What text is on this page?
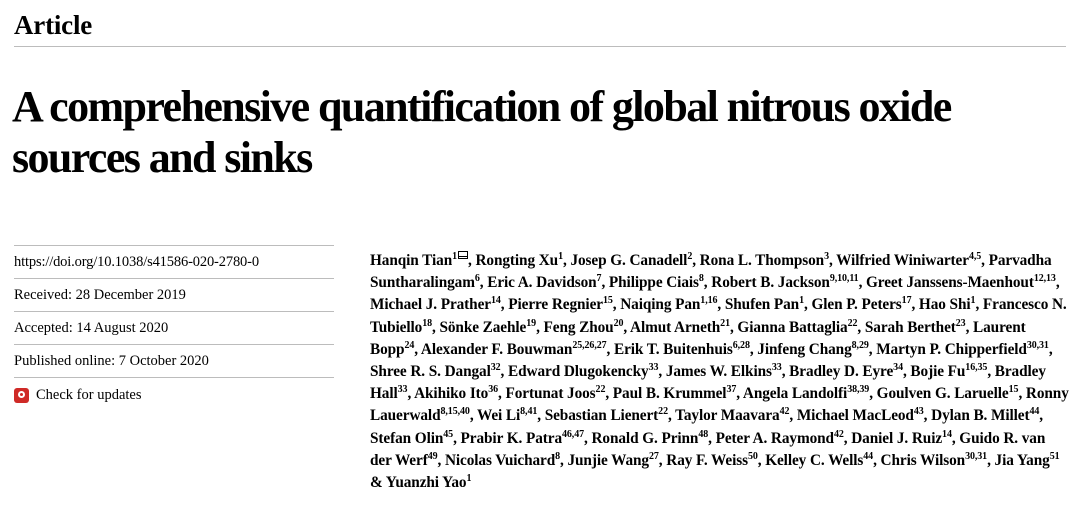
Article
A comprehensive quantification of global nitrous oxide sources and sinks
https://doi.org/10.1038/s41586-020-2780-0
Received: 28 December 2019
Accepted: 14 August 2020
Published online: 7 October 2020
Check for updates
Hanqin Tian$^1$ , Rongting Xu$^1$, Josep G. Canadell$^2$, Rona L. Thompson$^3$, Wilfried Winiwarter$^{4,5}$, Parvadha Suntharalingam$^6$, Eric A. Davidson$^7$, Philippe Ciais$^8$, Robert B. Jackson$^{9,10,11}$, Greet Janssens-Maenhout$^{12,13}$, Michael J. Prather$^{14}$, Pierre Regnier$^{15}$, Naiqing Pan$^{1,16}$, Shufen Pan$^1$, Glen P. Peters$^{17}$, Hao Shi$^1$, Francesco N. Tubiello$^{18}$, Sönke Zaehle$^{19}$, Feng Zhou$^{20}$, Almut Arneth$^{21}$, Gianna Battaglia$^{22}$, Sarah Berthet$^{23}$, Laurent Bopp$^{24}$, Alexander F. Bouwman$^{25,26,27}$, Erik T. Buitenhuis$^{6,28}$, Jinfeng Chang$^{8,29}$, Martyn P. Chipperfield$^{30,31}$, Shree R. S. Dangal$^{32}$, Edward Dlugokencky$^{33}$, James W. Elkins$^{33}$, Bradley D. Eyre$^{34}$, Bojie Fu$^{16,35}$, Bradley Hall$^{33}$, Akihiko Ito$^{36}$, Fortunat Joos$^{22}$, Paul B. Krummel$^{37}$, Angela Landolfi$^{38,39}$, Goulven G. Laruelle$^{15}$, Ronny Lauerwald$^{8,15,40}$, Wei Li$^{8,41}$, Sebastian Lienert$^{22}$, Taylor Maavara$^{42}$, Michael MacLeod$^{43}$, Dylan B. Millet$^{44}$, Stefan Olin$^{45}$, Prabir K. Patra$^{46,47}$, Ronald G. Prinn$^{48}$, Peter A. Raymond$^{42}$, Daniel J. Ruiz$^{14}$, Guido R. van der Werf$^{49}$, Nicolas Vuichard$^8$, Junjie Wang$^{27}$, Ray F. Weiss$^{50}$, Kelley C. Wells$^{44}$, Chris Wilson$^{30,31}$, Jia Yang$^{51}$ & Yuanzhi Yao$^1$
